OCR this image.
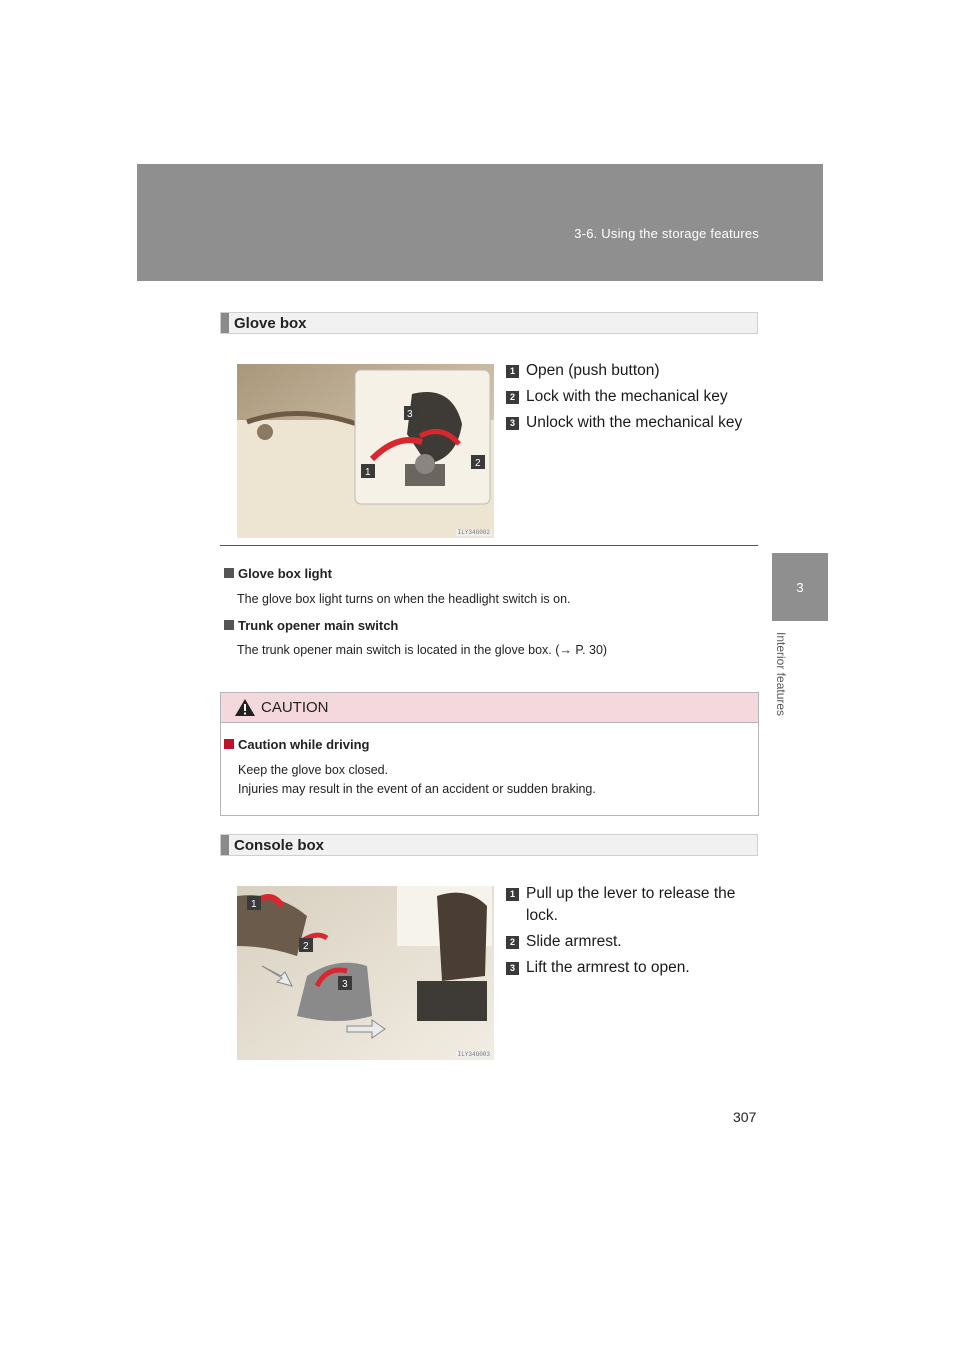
3-6. Using the storage features
3
Interior features
Glove box
3
1
2
ILY34G002
1 Open (push button)
2 Lock with the mechanical key
3 Unlock with the mechanical key
Glove box light
The glove box light turns on when the headlight switch is on.
Trunk opener main switch
The trunk opener main switch is located in the glove box. (→ P. 30)
CAUTION
Caution while driving
Keep the glove box closed.
Injuries may result in the event of an accident or sudden braking.
Console box
1
2
3
ILY34G003
1 Pull up the lever to release the lock.
2 Slide armrest.
3 Lift the armrest to open.
307
